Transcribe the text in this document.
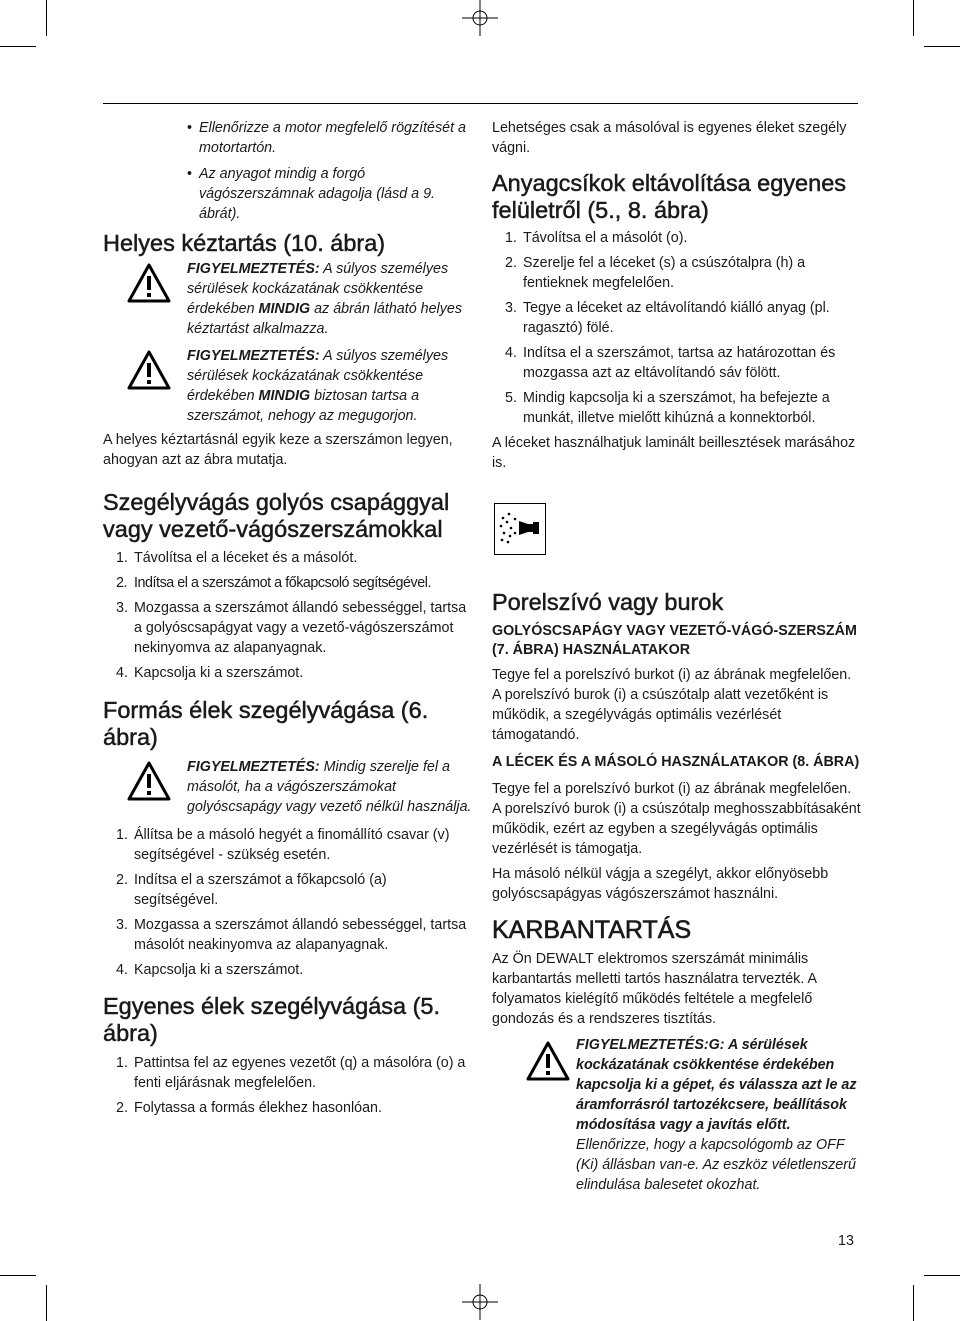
• Ellenőrizze a motor megfelelő rögzítését a motortartón.
• Az anyagot mindig a forgó vágószerszámnak adagolja (lásd a 9. ábrát).
Helyes kéztartás (10. ábra)

FIGYELMEZTETÉS: A súlyos személyes sérülések kockázatának csökkentése érdekében MINDIG az ábrán látható helyes kéztartást alkalmazza.

FIGYELMEZTETÉS: A súlyos személyes sérülések kockázatának csökkentése érdekében MINDIG biztosan tartsa a szerszámot, nehogy az megugorjon.

A helyes kéztartásnál egyik keze a szerszámon legyen, ahogyan azt az ábra mutatja.

Szegélyvágás golyós csapággyal vagy vezető-vágószerszámokkal
1. Távolítsa el a léceket és a másolót.
2. Indítsa el a szerszámot a főkapcsoló segítségével.
3. Mozgassa a szerszámot állandó sebességgel, tartsa a golyóscsapágyat vagy a vezető-vágószerszámot nekinyomva az alapanyagnak.
4. Kapcsolja ki a szerszámot.
Formás élek szegélyvágása (6. ábra)

FIGYELMEZTETÉS: Mindig szerelje fel a másolót, ha a vágószerszámokat golyóscsapágy vagy vezető nélkül használja.

1. Állítsa be a másoló hegyét a finomállító csavar (v) segítségével - szükség esetén.
2. Indítsa el a szerszámot a főkapcsoló (a) segítségével.
3. Mozgassa a szerszámot állandó sebességgel, tartsa másolót neakinyomva az alapanyagnak.
4. Kapcsolja ki a szerszámot.
Egyenes élek szegélyvágása (5. ábra)
1. Pattintsa fel az egyenes vezetőt (q) a másolóra (o) a fenti eljárásnak megfelelően.
2. Folytassa a formás élekhez hasonlóan.

Lehetséges csak a másolóval is egyenes éleket szegély vágni.

Anyagcsíkok eltávolítása egyenes felületről (5., 8. ábra)
1. Távolítsa el a másolót (o).
2. Szerelje fel a léceket (s) a csúszótalpra (h) a fentieknek megfelelően.
3. Tegye a léceket az eltávolítandó kiálló anyag (pl. ragasztó) fölé.
4. Indítsa el a szerszámot, tartsa az határozottan és mozgassa azt az eltávolítandó sáv fölött.
5. Mindig kapcsolja ki a szerszámot, ha befejezte a munkát, illetve mielőtt kihúzná a konnektorból.

A léceket használhatjuk laminált beillesztések marásához is.

Porelszívó vagy burok
GOLYÓSCSAPÁGY VAGY VEZETŐ-VÁGÓ-SZERSZÁM (7. ÁBRA) HASZNÁLATAKOR

Tegye fel a porelszívó burkot (i) az ábrának megfelelően. A porelszívó burok (i) a csúszótalp alatt vezetőként is működik, a szegélyvágás optimális vezérlését támogatandó.

A LÉCEK ÉS A MÁSOLÓ HASZNÁLATAKOR (8. ÁBRA)

Tegye fel a porelszívó burkot (i) az ábrának megfelelően. A porelszívó burok (i) a csúszótalp meghosszabbításaként működik, ezért az egyben a szegélyvágás optimális vezérlését is támogatja.

Ha másoló nélkül vágja a szegélyt, akkor előnyösebb golyóscsapágyas vágószerszámot használni.

KARBANTARTÁS

Az Ön DEWALT elektromos szerszámát minimális karbantartás melletti tartós használatra tervezték. A folyamatos kielégítő működés feltétele a megfelelő gondozás és a rendszeres tisztítás.

FIGYELMEZTETÉS:G: A sérülések kockázatának csökkentése érdekében kapcsolja ki a gépet, és válassza azt le az áramforrásról tartozékcsere, beállítások módosítása vagy a javítás előtt. Ellenőrizze, hogy a kapcsológomb az OFF (Ki) állásban van-e. Az eszköz véletlenszerű elindulása balesetet okozhat.

13
